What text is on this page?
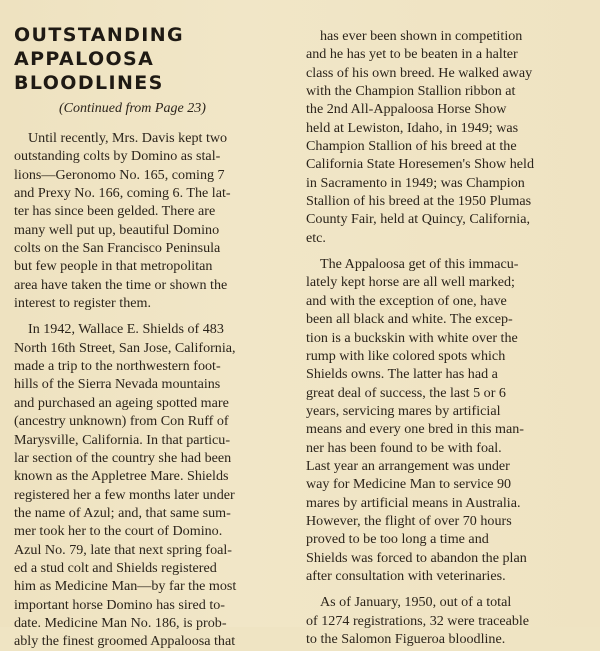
OUTSTANDING
APPALOOSA
BLOODLINES

(Continued from Page 23)

Until recently, Mrs. Davis kept two
outstanding colts by Domino as stal-
lions—Geronomo No. 165, coming 7
and Prexy No. 166, coming 6. The lat-
ter has since been gelded. There are
many well put up, beautiful Domino
colts on the San Francisco Peninsula
but few people in that metropolitan
area have taken the time or shown the
interest to register them.

In 1942, Wallace E. Shields of 483
North 16th Street, San Jose, California,
made a trip to the northwestern foot-
hills of the Sierra Nevada mountains
and purchased an ageing spotted mare
(ancestry unknown) from Con Ruff of
Marysville, California. In that particu-
lar section of the country she had been
known as the Appletree Mare. Shields
registered her a few months later under
the name of Azul; and, that same sum-
mer took her to the court of Domino.
Azul No. 79, late that next spring foal-
ed a stud colt and Shields registered
him as Medicine Man—by far the most
important horse Domino has sired to-
date. Medicine Man No. 186, is prob-
ably the finest groomed Appaloosa that

has ever been shown in competition
and he has yet to be beaten in a halter
class of his own breed. He walked away
with the Champion Stallion ribbon at
the 2nd All-Appaloosa Horse Show
held at Lewiston, Idaho, in 1949; was
Champion Stallion of his breed at the
California State Horesemen's Show held
in Sacramento in 1949; was Champion
Stallion of his breed at the 1950 Plumas
County Fair, held at Quincy, California,
etc.

The Appaloosa get of this immacu-
lately kept horse are all well marked;
and with the exception of one, have
been all black and white. The excep-
tion is a buckskin with white over the
rump with like colored spots which
Shields owns. The latter has had a
great deal of success, the last 5 or 6
years, servicing mares by artificial
means and every one bred in this man-
ner has been found to be with foal.
Last year an arrangement was under
way for Medicine Man to service 90
mares by artificial means in Australia.
However, the flight of over 70 hours
proved to be too long a time and
Shields was forced to abandon the plan
after consultation with veterinaries.

As of January, 1950, out of a total
of 1274 registrations, 32 were traceable
to the Salomon Figueroa bloodline.
